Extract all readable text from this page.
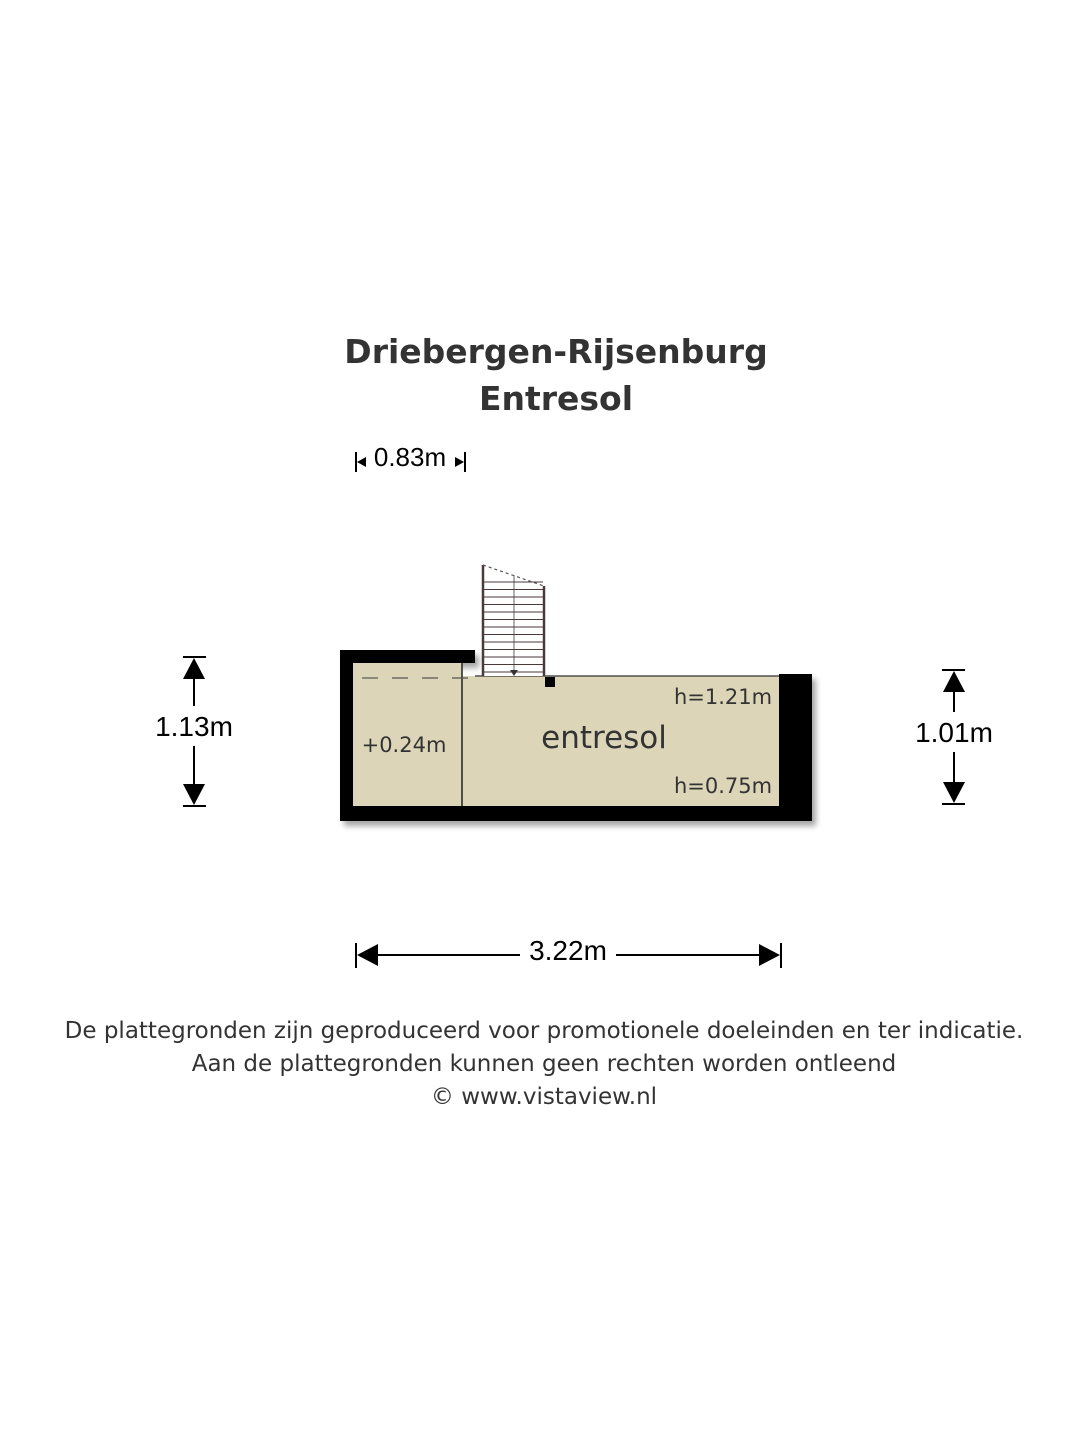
Driebergen-Rijsenburg
Entresol
entresol
+0.24m
h=1.21m
h=0.75m
0.83m
1.13m	1.01m
3.22m
De plattegronden zijn geproduceerd voor promotionele doeleinden en ter indicatie.
Aan de plattegronden kunnen geen rechten worden ontleend
© www.vistaview.nl
